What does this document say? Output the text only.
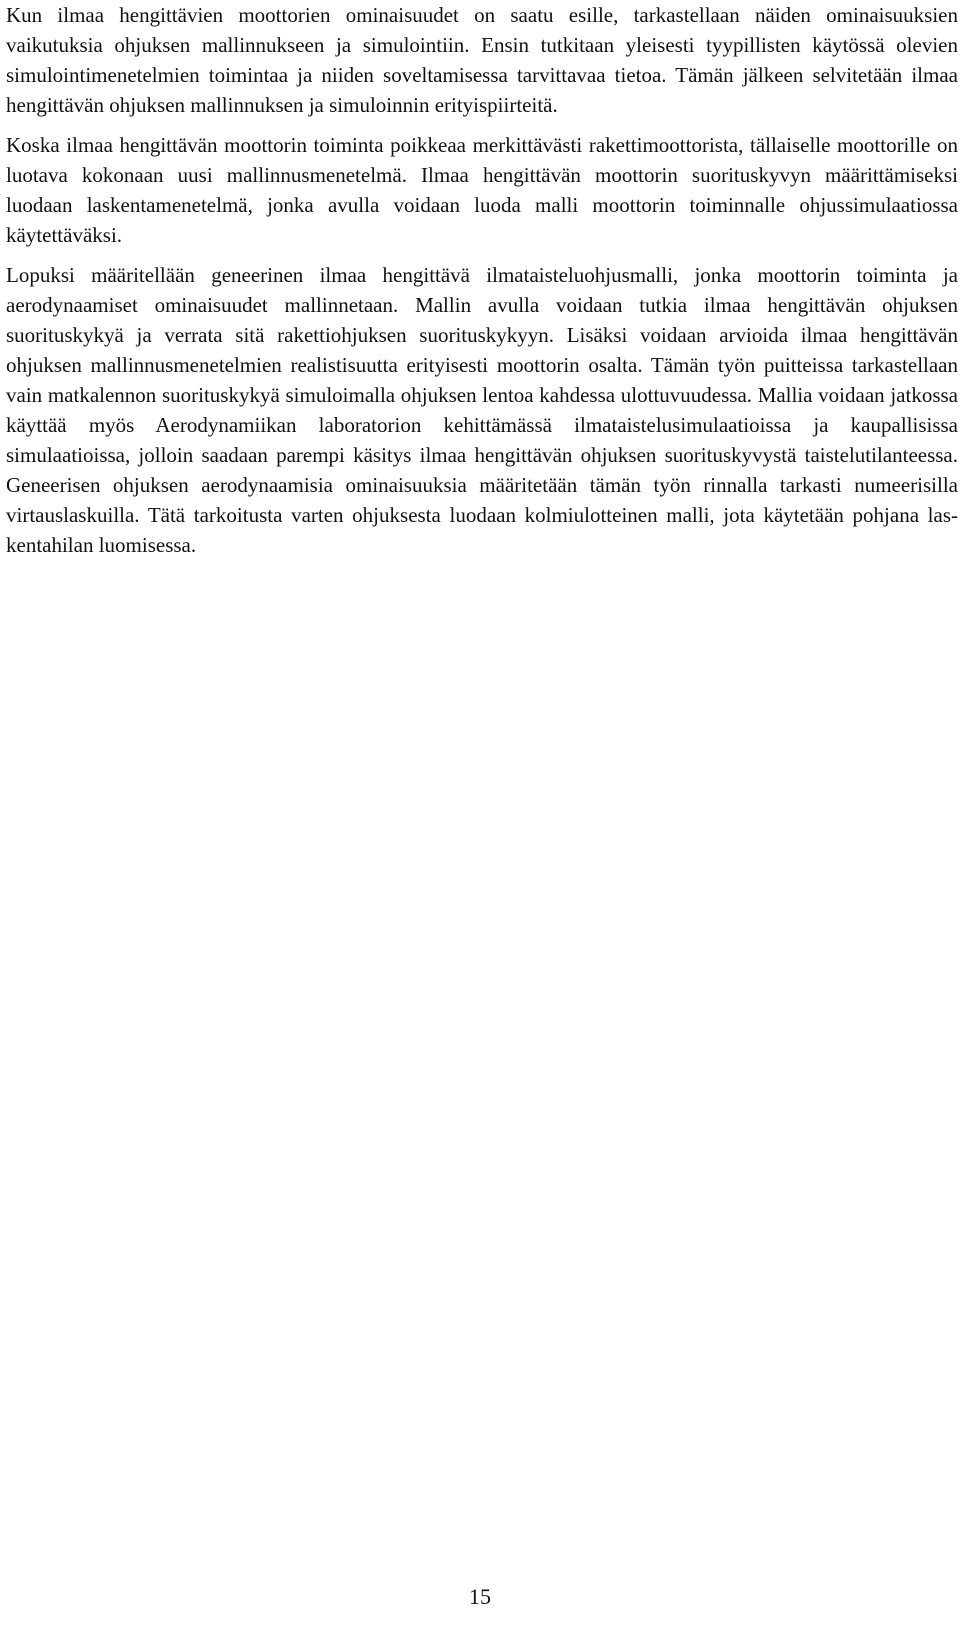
Kun ilmaa hengittävien moottorien ominaisuudet on saatu esille, tarkastellaan näiden ominaisuuksien vaikutuksia ohjuksen mallinnukseen ja simulointiin. Ensin tutkitaan yleisesti tyypillisten käytössä olevien simulointimenetelmien toimintaa ja niiden soveltamisessa tarvittavaa tietoa. Tämän jälkeen selvitetään ilmaa hengittävän ohjuksen mallinnuksen ja simuloinnin erityispiirteitä.

Koska ilmaa hengittävän moottorin toiminta poikkeaa merkittävästi rakettimoottorista, tällaiselle moottorille on luotava kokonaan uusi mallinnusmenetelmä. Ilmaa hengittävän moottorin suorituskyvyn määrittämiseksi luodaan laskentamenetelmä, jonka avulla voidaan luoda malli moottorin toiminnalle ohjussimulaatiossa käytettäväksi.

Lopuksi määritellään geneerinen ilmaa hengittävä ilmataisteluohjusmalli, jonka moottorin toiminta ja aerodynaamiset ominaisuudet mallinnetaan. Mallin avulla voidaan tutkia ilmaa hengittävän ohjuksen suorituskykyä ja verrata sitä rakettiohjuksen suorituskykyyn. Lisäksi voidaan arvioida ilmaa hengittävän ohjuksen mallinnusmenetelmien realistisuutta erityisesti moottorin osalta. Tämän työn puitteissa tarkastellaan vain matkalennon suorituskykyä simuloimalla ohjuksen lentoa kahdessa ulottuvuudessa. Mallia voidaan jatkossa käyttää myös Aerodynamiikan laboratorion kehittämässä ilmataistelusimulaatioissa ja kaupallisissa simulaatioissa, jolloin saadaan parempi käsitys ilmaa hengittävän ohjuksen suorituskyvystä taistelutilanteessa. Geneerisen ohjuksen aerodynaamisia ominaisuuksia määritetään tämän työn rinnalla tarkasti numeerisilla virtauslaskuilla. Tätä tarkoitusta varten ohjuksesta luodaan kolmiulotteinen malli, jota käytetään pohjana laskentahilan luomisessa.

15
